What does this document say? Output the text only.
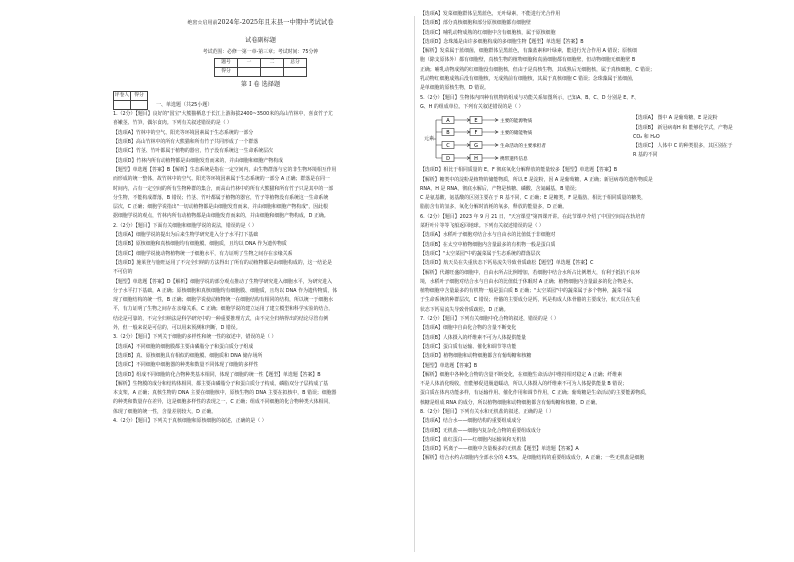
绝密☆启用前2024年-2025年且末县一中期中考试试卷
试卷副标题
考试范围：必修一第一章-第三章；考试时间：75分钟
题号	一	二	总分
得分			
第 I 卷 选择题
评卷人	得分

一、单选题（共25小题）

1.（2分）【题目】良好的"国宝"大熊猫栖息于长江上游海拔2400~3500米的高山竹林中，喜食竹子尤

喜嫩茎、竹笋，偶尔食肉。下列有关叙述错误的是（ ）

【选项A】竹林中的空气、阳光等环境因素属于生态系统的一部分

【选项B】高山竹林中的所有大熊猫和所有竹子共同形成了一个群落

【选项C】竹茎、竹叶都属于植物的器官，竹子没有系统这一生命系统层次

【选项D】竹林内所有动植物都是由细胞发育而来的，并由细胞和细胞产物构成

【题型】单选题【答案】B【解析】生态系统是指在一定空间内，由生物群落与它的非生物环境相互作用

而形成的统一整体，故竹林中的空气、阳光等环境因素属于生态系统的一部分 A 正确；群落是在同一

时间内，占有一定空间的所有生物种群的集合，而高山竹林中的所有大熊猫和所有竹子只是其中的一部

分生物，不能构成群落，B 错误；竹茎、竹叶都属于植物的器官，竹子等植物没有系统这一生命系统

层次，C 正确；细胞学说指出"一切动植物都是由细胞发育而来，并由细胞和细胞产物构成"，因此根

据细胞学说的观点，竹林内所有动植物都是由细胞发育而来的，并由细胞和细胞产物构成，D 正确。

2.（2分）【题目】下面有关细胞和细胞学说的说法，错误的是（ ）

【选项A】细胞学说的提出为后来生物学研究进入分子水平打下基础

【选项B】原核细胞和真核细胞均有细胞膜、细胞质，且均以 DNA 作为遗传物质

【选项C】细胞学说使动物植物统一于细胞水平，有力证明了生物之间存在亲缘关系

【选项D】施莱登与施旺运用了不完全归纳的方法得出了所有的动植物都是由细胞构成的，这一结论是

不可信的

【题型】单选题【答案】D【解析】细胞学说的部分观点推动了生物学研究进入细胞水平，为研究进入

分子水平打下基础，A 正确；原核细胞和真核细胞均有细胞膜、细胞质，且均以 DNA 作为遗传物质，体

现了细胞结构的统一性，B 正确；细胞学说使动植物统一在细胞结构有相同的结构，所以统一于细胞水

平，有力证明了生物之间存在亲缘关系，C 正确；细胞学说的建立运用了建立模型和科学实验的结合，

结论是可靠的，不完全归纳法是科学研究中的一种重要推理方式，由不完全归纳得出的结论尽管有例

外，但一般来说是可信的，可以用来预测和判断，D 错误。

3.（2分）【题目】下列关于细胞的多样性和统一性的叙述中，错误的是（ ）

【选项A】不同细胞的细胞膜都主要由磷脂分子和蛋白质分子组成

【选项B】真、原核细胞具有相似的细胞膜、细胞质和 DNA 储存场所

【选项C】不同细胞中细胞器的种类和数量不同体现了细胞的多样性

【选项D】组成不同细胞的化合物种类基本相同，体现了细胞的统一性【题型】单选题【答案】B

【解析】生物膜的成分和结构体相同，都主要由磷脂分子和蛋白质分子构成，磷脂双分子层构成了基

本支架，A 正确；真核生物的 DNA 主要在细胞核中，原核生物的 DNA 主要在拟核中，B 错误；细胞器

的种类和数量存在差异，这是细胞多样性的表现之一，C 正确；组成不同细胞的化合物种类大体相同，

体现了细胞的统一性，含量差别较大，D 正确。

4.（2分）【题目】下列关于真核细胞和原核细胞的叙述，正确的是（ ）

【选项A】发菜细胞群体呈黑蓝色，无叶绿素，不能进行光合作用

【选项B】部分真核细胞和部分原核细胞都有细胞壁

【选项C】哺乳动物成熟的红细胞中含有细胞核，属于原核细胞

【选项D】念珠藻是由许多细胞构成的多细胞生物【题型】单选题【答案】B

【解析】发菜属于蓝细菌，细胞群体呈黑蓝色，有藻蓝素和叶绿素，能进行光合作用 A 错误；原核细

胞（除支原体外）都有细胞壁，真核生物的植物细胞和真菌细胞都有细胞壁，但动物细胞无细胞壁 B

正确；哺乳动物成熟的红细胞没有细胞核，但由于是真核生物，其成熟后无细胞核，属于真核细胞，C 错误；

乳动物红细胞成熟后没有细胞核，无成熟前有细胞核，其属于真核细胞 C 错误；念珠藻属于蓝细菌，

是单细胞的原核生物，D 错误。

5.（2分）【题目】生物体内四种有机物的组成与功能关系如图所示，已知A、B、C、D 分别是 E、F、

G、H 的组成单位。下列有关叙述错误的是（ ）

元素
A	E	主要的能源物质
B	F	主要的储能物质
C	G	生命活动的主要承担者
D	H	携带遗传信息

【选项A】 图中 A 是葡萄糖，E 是淀粉

【选项B】 新冠病毒H 和 能够化学式，产物是

CO₂ 和 H₂O

【选项C】 人体中 C 的种类很多，其区别在于

R 基的不同

【选项D】相比于相同质量的 E，F 彻底氧化分解释放的能量较多【题型】单选题【答案】B

【解析】糖类中的淀粉是植物的储能物质，所以 E 是淀粉，因 A 是葡萄糖，A 正确；新冠病毒的遗传物质是

RNA，H 是 RNA，彻底水解后，产物是核糖、磷酸、含氮碱基，B 错误；

C 是氨基酸，氨基酸的区别主要在于 R 基不同，C 正确；E 是糖类，F 是脂肪，相比于相同质量的糖类，

脂肪含有的氢多，氧化分解时消耗的氧多，释放的能量多，D 正确。

6.（2分）【题目】2023 年 9 月 21 日，"天宫课堂"第四课开讲。在此节课中介绍了中国空间站在轨培育

菜籽叶片等等飞船返回地球。下列有关叙述错误的是（ ）

【选项A】水稻叶子细胞对结合水与自由水的比值低于非细胞对

【选项B】在太空中植物细胞内含量最多的有机物一般是蛋白质

【选项C】"太空菜园"中的蔬菜属于生态系统的群落层次

【选项D】航天员在失重状态下钙易流失导致骨质疏松【题型】单选题【答案】C

【解析】代谢旺盛的细胞中，自由水所占比例增加，若细胞中结合水所占比例增大，有利于抵抗不良环

境，水稻叶子细胞对结合水与自由水的比值低于休眠时 A 正确；植物细胞内含量最多的化合物是水，

植物细胞中含量最多的有机物一般是蛋白质 B 正确；"太空菜园"中的蔬菜属于多个物种，蔬菜不属

于生命系统的种群层次，C 错误；骨骼的主要成分是钙，钙是构成人体骨骼的主要成分，航天员在失重

状态下钙易流失导致骨质疏松，D 正确。

7.（2分）【题目】下列有关细胞中化合物的叙述，错误的是（ ）

【选项A】细胞中自由化合物的含量不断变化

【选项B】人体摄入的纤维素不可为人体提供能量

【选项C】蛋白质有运输、催化和调节等功能

【选项D】植物细胞和动物细胞都含有葡萄糖和核糖

【题型】单选题【答案】B

【解析】细胞中各种化合物的含量不断变化，在细胞生命活动中维持相对稳定 A 正确；纤维素

不是人体消化吸收，但能够促进肠道蠕动，所以人体摄入的纤维素不可为人体提供能量 B 错误；

蛋白质在体内功能多样，有运输作用、催化作用和调节作用，C 正确；葡萄糖是生命活动的主要能源物质，

核糖是组成 RNA 的成分，所以植物细胞和动物细胞都含有葡萄糖和核糖，D 正确。

8.（2分）【题目】下列有关水和无机盐的叙述，正确的是（ ）

【选项A】结合水——细胞结构的重要组成成分

【选项B】无机盐——细胞内复杂化合物的重要组成成分

【选项C】血红蛋白——红细胞内运输氧和无机盐

【选项D】钙离子——细胞中含量极多的无机盐【题型】单选题【答案】A

【解析】结合水约占细胞内全部水分的 4.5%，是细胞结构的重要组成成分，A 正确；一些无机盐是细胞
